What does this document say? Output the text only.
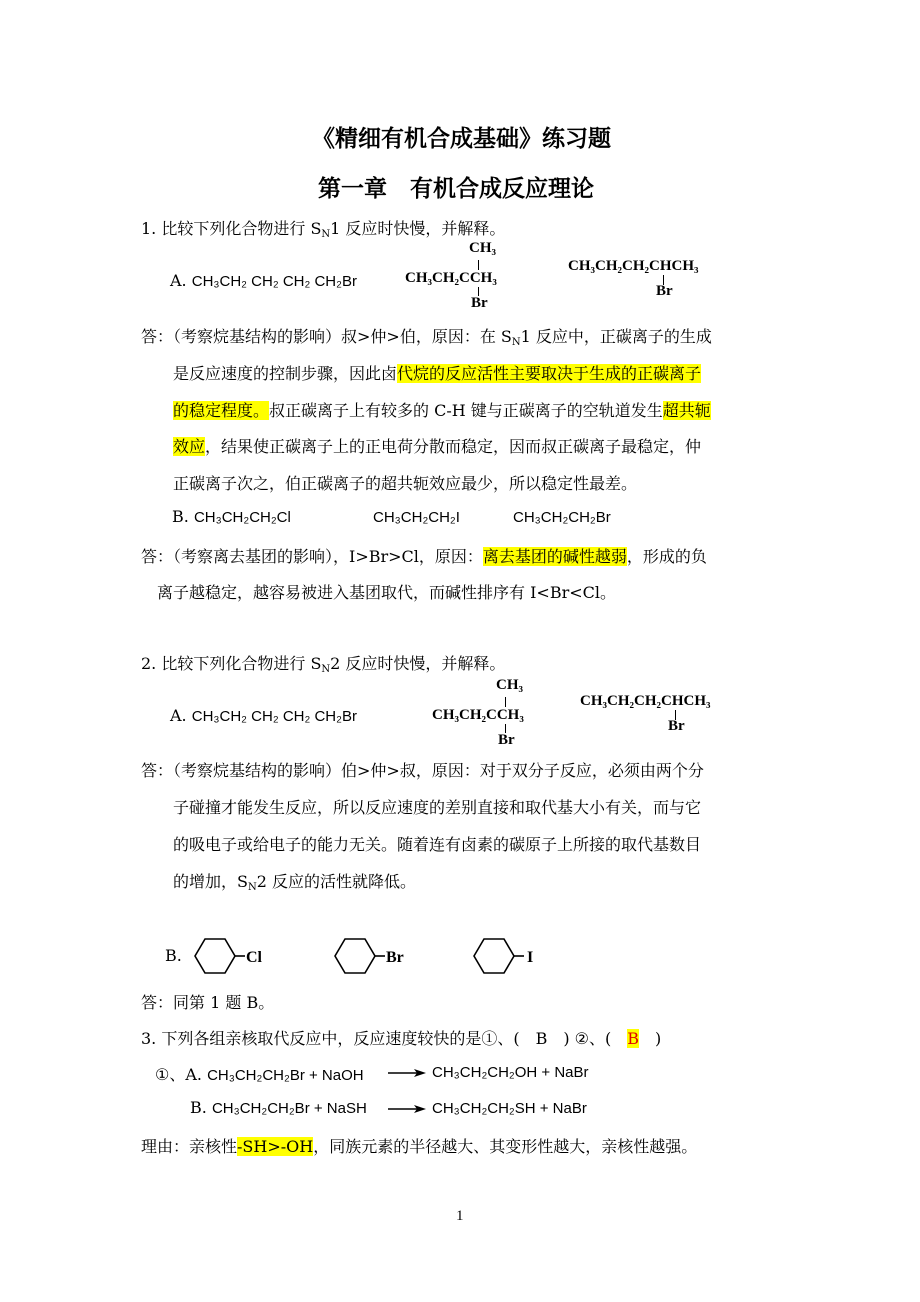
《精细有机合成基础》练习题
第一章　有机合成反应理论
1. 比较下列化合物进行 $S_N1$ 反应时快慢，并解释。
A. CH₃CH₂ CH₂ CH₂ CH₂Br
CH₃
CH₃CH₂CCH₃
Br
CH₃CH₂CH₂CHCH₃
Br
答：（考察烷基结构的影响）叔>仲>伯，原因：在 $S_N1$ 反应中，正碳离子的生成
是反应速度的控制步骤，因此卤代烷的反应活性主要取决于生成的正碳离子
的稳定程度。叔正碳离子上有较多的 C-H 键与正碳离子的空轨道发生超共轭
效应，结果使正碳离子上的正电荷分散而稳定，因而叔正碳离子最稳定，仲
正碳离子次之，伯正碳离子的超共轭效应最少，所以稳定性最差。
B. CH₃CH₂CH₂Cl	CH₃CH₂CH₂I	CH₃CH₂CH₂Br
答：（考察离去基团的影响），I>Br>Cl，原因：离去基团的碱性越弱，形成的负
离子越稳定，越容易被进入基团取代，而碱性排序有 I<Br<Cl。
2. 比较下列化合物进行 $S_N2$ 反应时快慢，并解释。
A. CH₃CH₂ CH₂ CH₂ CH₂Br
CH₃
CH₃CH₂CCH₃
Br
CH₃CH₂CH₂CHCH₃
Br
答：（考察烷基结构的影响）伯>仲>叔，原因：对于双分子反应，必须由两个分
子碰撞才能发生反应，所以反应速度的差别直接和取代基大小有关，而与它
的吸电子或给电子的能力无关。随着连有卤素的碳原子上所接的取代基数目
的增加，$S_N2$ 反应的活性就降低。
B.	Cl	Br	I
答：同第 1 题 B。
3. 下列各组亲核取代反应中，反应速度较快的是①、(　B　) ②、(　B　)
①、A. CH₃CH₂CH₂Br + NaOH → CH₃CH₂CH₂OH + NaBr
B. CH₃CH₂CH₂Br + NaSH → CH₃CH₂CH₂SH + NaBr
理由：亲核性-SH>-OH，同族元素的半径越大、其变形性越大，亲核性越强。
1
